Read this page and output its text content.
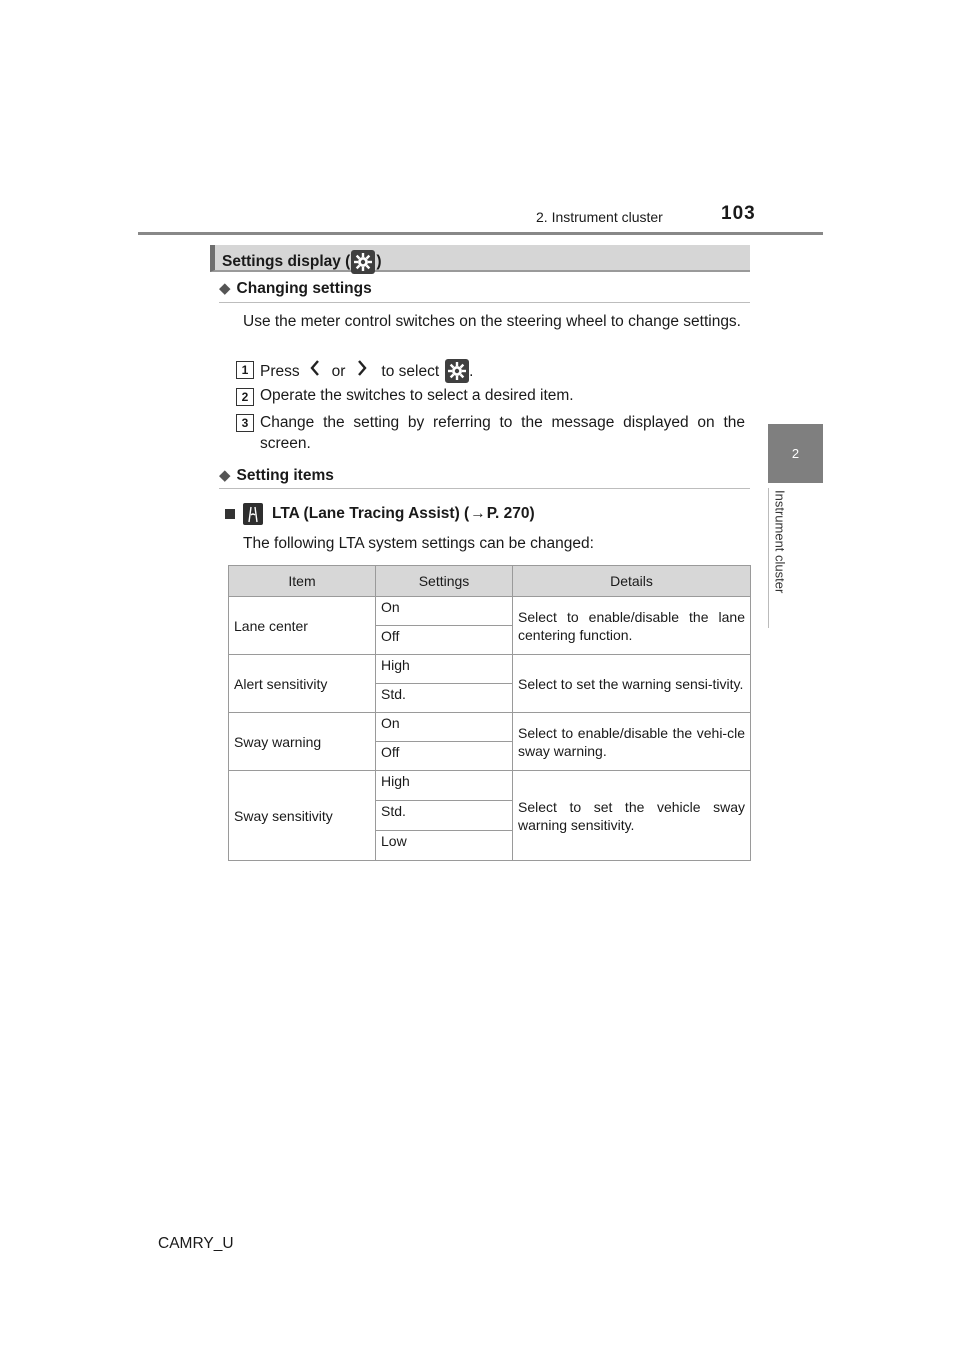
2. Instrument cluster	103
2
Instrument cluster
Settings display ( )
◆ Changing settings
Use the meter control switches on the steering wheel to change settings.
1 Press or to select .
2 Operate the switches to select a desired item.
3 Change the setting by referring to the message displayed on the screen.
◆ Setting items
LTA (Lane Tracing Assist) ( → P. 270)
The following LTA system settings can be changed:
Item	Settings	Details
Lane center	On	Select to enable/disable the lane centering function.
	Off	
Alert sensitivity	High	Select to set the warning sensi-tivity.
	Std.	
Sway warning	On	Select to enable/disable the vehi-cle sway warning.
	Off	
Sway sensitivity	High	Select to set the vehicle sway warning sensitivity.
	Std.	
	Low	
CAMRY_U
